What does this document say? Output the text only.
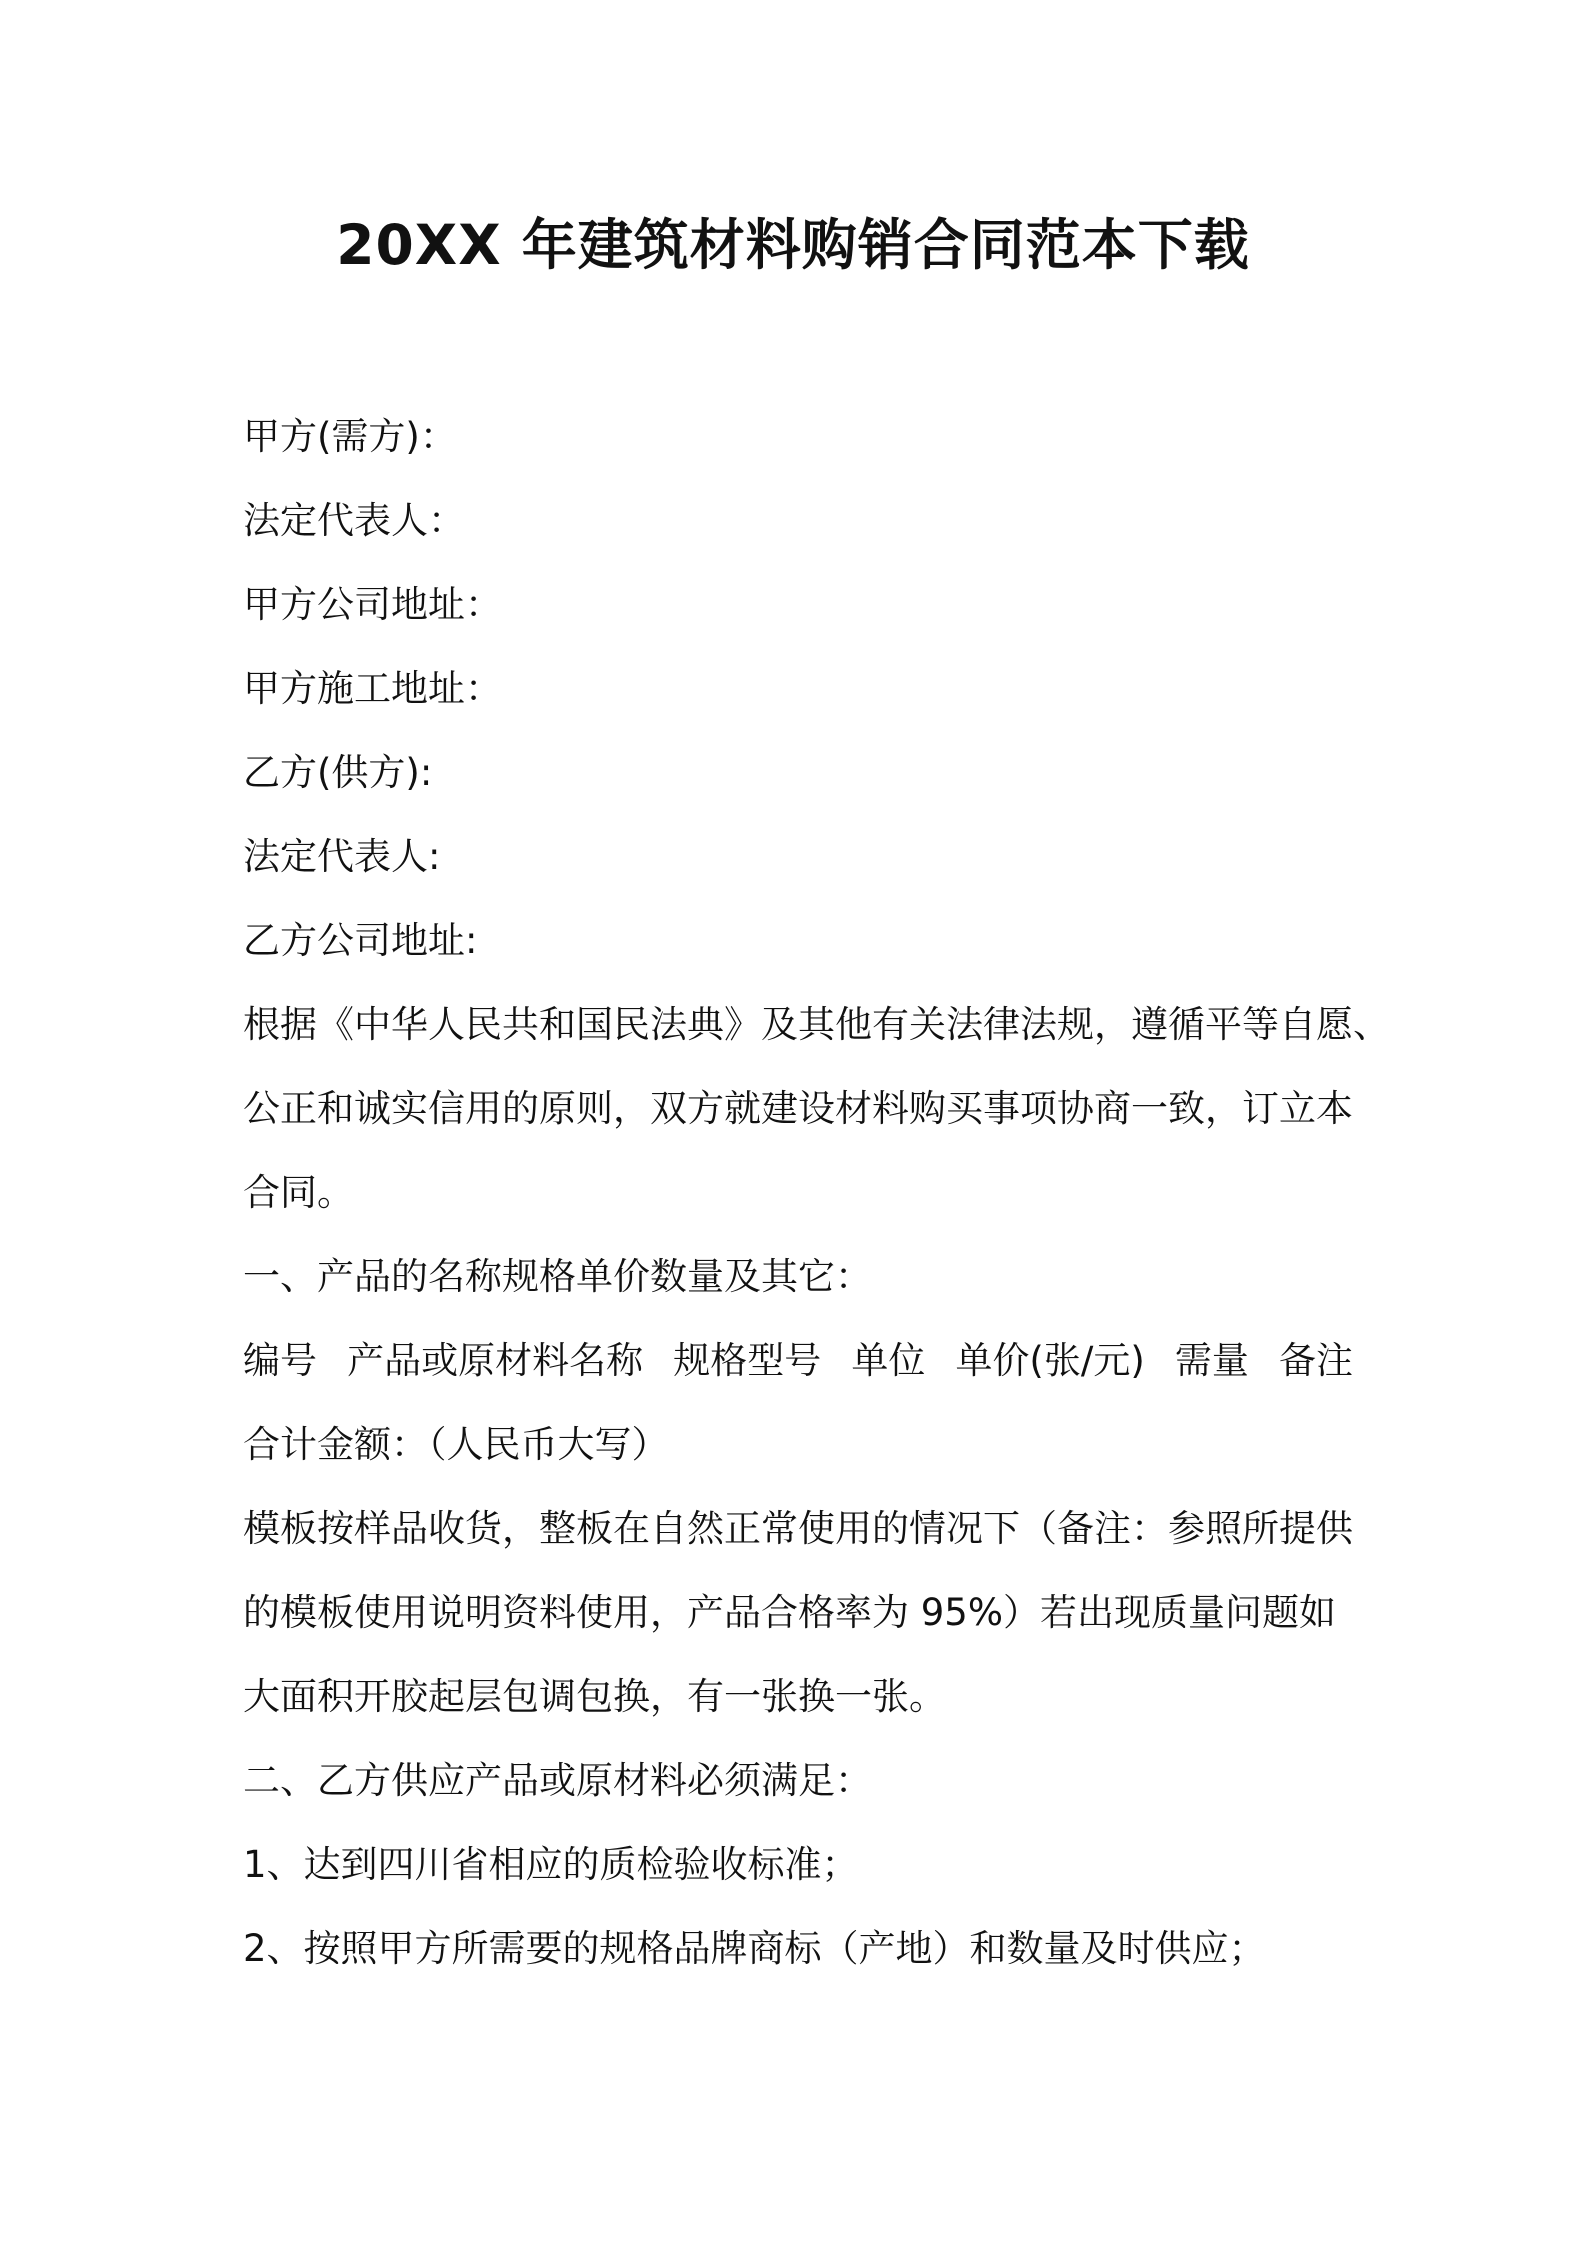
20XX 年建筑材料购销合同范本下载

甲方(需方)：

法定代表人：

甲方公司地址：

甲方施工地址：

乙方(供方):

法定代表人:

乙方公司地址:

根据《中华人民共和国民法典》及其他有关法律法规，遵循平等自愿、

公正和诚实信用的原则，双方就建设材料购买事项协商一致，订立本

合同。

一、产品的名称规格单价数量及其它：

编号 产品或原材料名称 规格型号 单位 单价(张/元) 需量 备注

合计金额：（人民币大写）

模板按样品收货，整板在自然正常使用的情况下（备注：参照所提供

的模板使用说明资料使用，产品合格率为 95%）若出现质量问题如

大面积开胶起层包调包换，有一张换一张。

二、乙方供应产品或原材料必须满足：

1、达到四川省相应的质检验收标准；

2、按照甲方所需要的规格品牌商标（产地）和数量及时供应；
